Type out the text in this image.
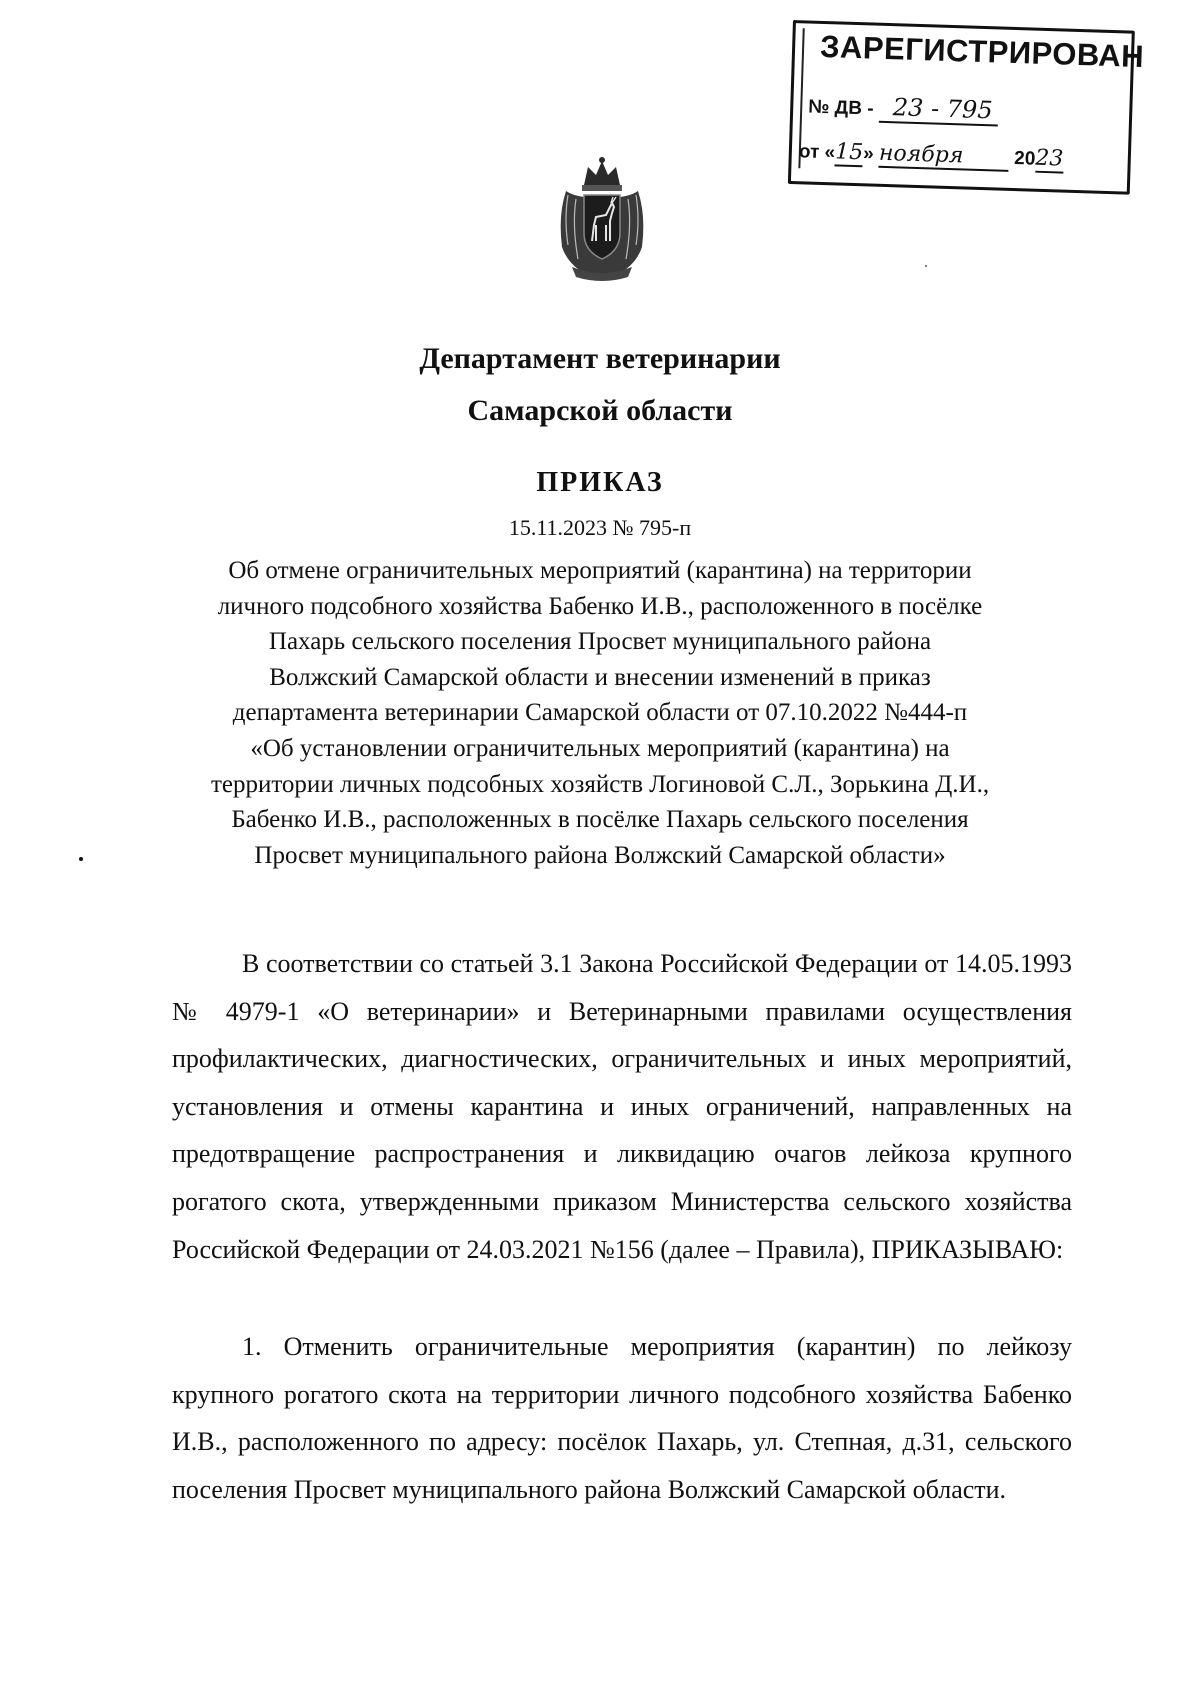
ЗАРЕГИСТРИРОВАН
№ ДВ - 23 - 795
от «15» ноября	2023
Департамент ветеринарии
Самарской области
ПРИКАЗ
15.11.2023 № 795-п
Об отмене ограничительных мероприятий (карантина) на территории
личного подсобного хозяйства Бабенко И.В., расположенного в посёлке
Пахарь сельского поселения Просвет муниципального района
Волжский Самарской области и внесении изменений в приказ
департамента ветеринарии Самарской области от 07.10.2022 №444-п
«Об установлении ограничительных мероприятий (карантина) на
территории личных подсобных хозяйств Логиновой С.Л., Зорькина Д.И.,
Бабенко И.В., расположенных в посёлке Пахарь сельского поселения
Просвет муниципального района Волжский Самарской области»
В соответствии со статьей 3.1 Закона Российской Федерации от 14.05.1993 № 4979-1 «О ветеринарии» и Ветеринарными правилами осуществления профилактических, диагностических, ограничительных и иных мероприятий, установления и отмены карантина и иных ограничений, направленных на предотвращение распространения и ликвидацию очагов лейкоза крупного рогатого скота, утвержденными приказом Министерства сельского хозяйства Российской Федерации от 24.03.2021 №156 (далее – Правила), ПРИКАЗЫВАЮ:
1. Отменить ограничительные мероприятия (карантин) по лейкозу крупного рогатого скота на территории личного подсобного хозяйства Бабенко И.В., расположенного по адресу: посёлок Пахарь, ул. Степная, д.31, сельского поселения Просвет муниципального района Волжский Самарской области.
